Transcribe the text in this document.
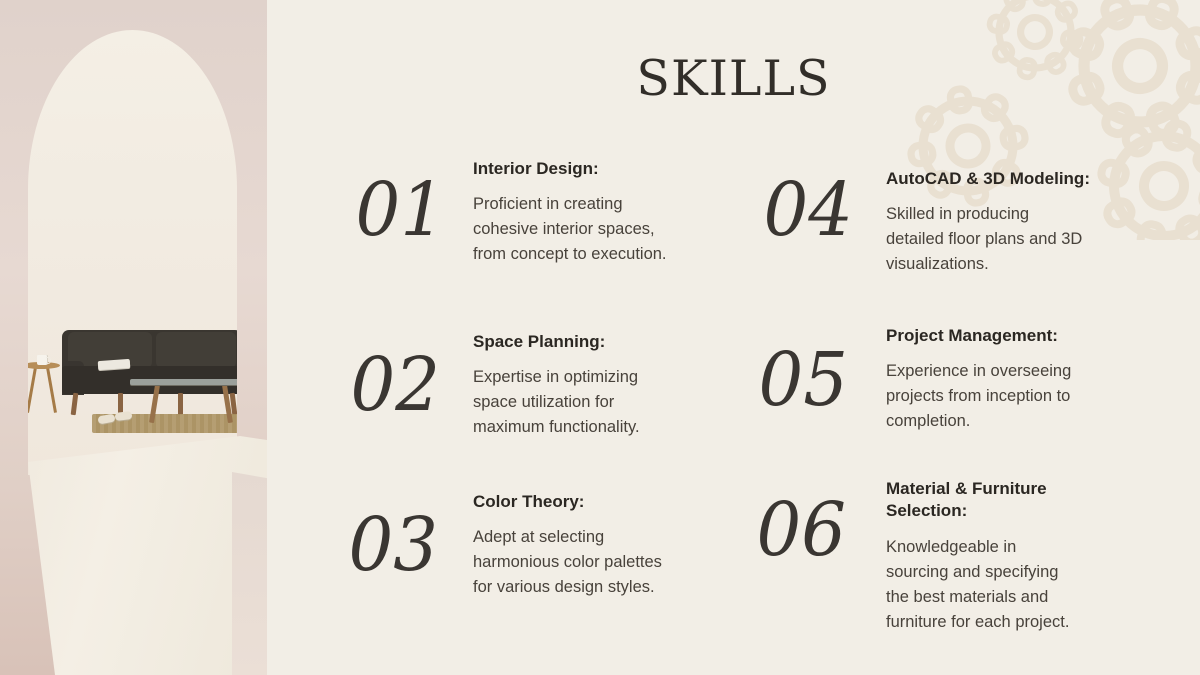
SKILLS
01
02
03
04
05
06
Interior Design:

Proficient in creating
cohesive interior spaces,
from concept to execution.

Space Planning:

Expertise in optimizing
space utilization for
maximum functionality.

Color Theory:

Adept at selecting
harmonious color palettes
for various design styles.

AutoCAD & 3D Modeling:

Skilled in producing
detailed floor plans and 3D
visualizations.

Project Management:

Experience in overseeing
projects from inception to
completion.

Material & Furniture
Selection:

Knowledgeable in
sourcing and specifying
the best materials and
furniture for each project.
